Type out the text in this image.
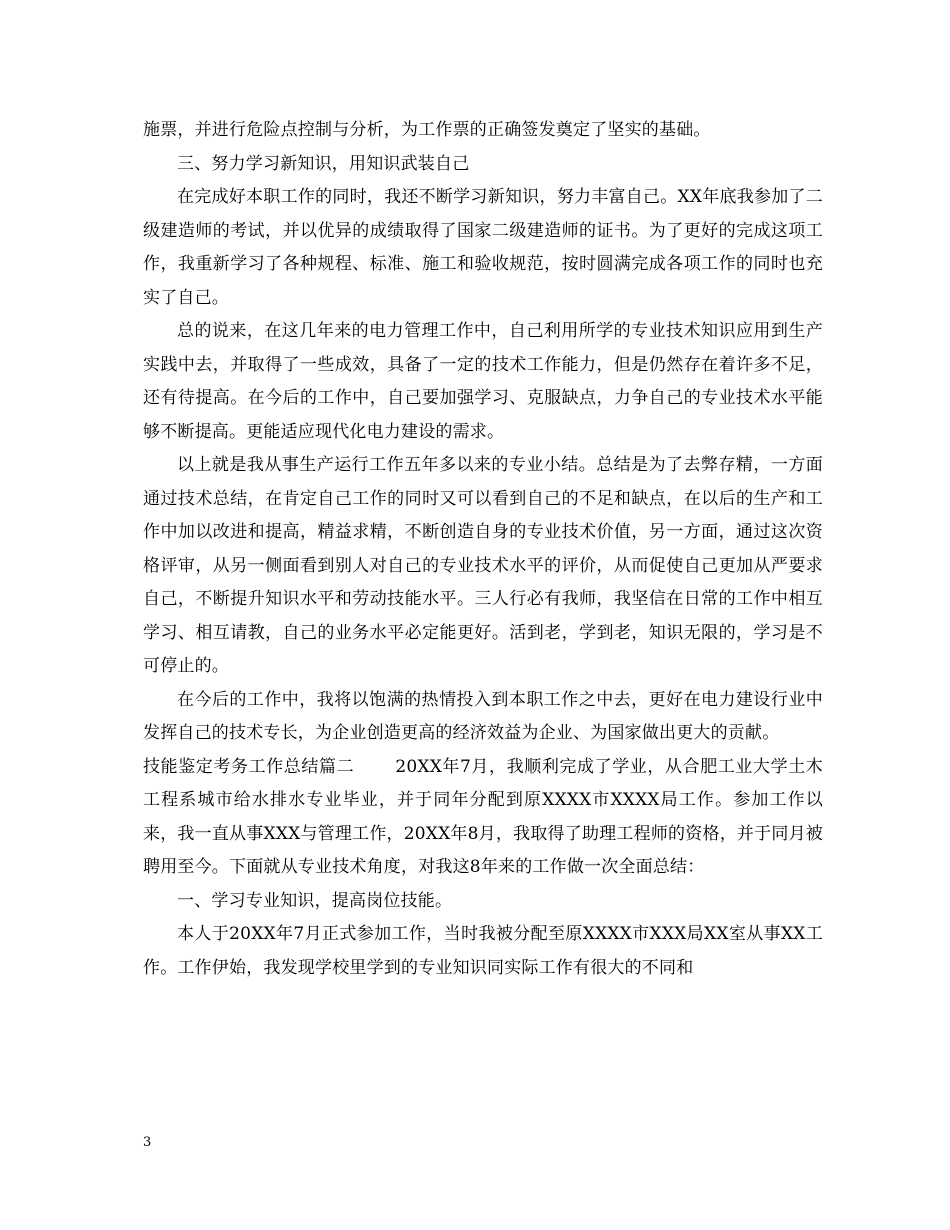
施票，并进行危险点控制与分析，为工作票的正确签发奠定了坚实的基础。

三、努力学习新知识，用知识武装自己

在完成好本职工作的同时，我还不断学习新知识，努力丰富自己。XX年底我参加了二级建造师的考试，并以优异的成绩取得了国家二级建造师的证书。为了更好的完成这项工作，我重新学习了各种规程、标准、施工和验收规范，按时圆满完成各项工作的同时也充实了自己。

总的说来，在这几年来的电力管理工作中，自己利用所学的专业技术知识应用到生产实践中去，并取得了一些成效，具备了一定的技术工作能力，但是仍然存在着许多不足，还有待提高。在今后的工作中，自己要加强学习、克服缺点，力争自己的专业技术水平能够不断提高。更能适应现代化电力建设的需求。

以上就是我从事生产运行工作五年多以来的专业小结。总结是为了去弊存精，一方面通过技术总结，在肯定自己工作的同时又可以看到自己的不足和缺点，在以后的生产和工作中加以改进和提高，精益求精，不断创造自身的专业技术价值，另一方面，通过这次资格评审，从另一侧面看到别人对自己的专业技术水平的评价，从而促使自己更加从严要求自己，不断提升知识水平和劳动技能水平。三人行必有我师，我坚信在日常的工作中相互学习、相互请教，自己的业务水平必定能更好。活到老，学到老，知识无限的，学习是不可停止的。

在今后的工作中，我将以饱满的热情投入到本职工作之中去，更好在电力建设行业中发挥自己的技术专长，为企业创造更高的经济效益为企业、为国家做出更大的贡献。

技能鉴定考务工作总结篇二　　 20XX年7月，我顺利完成了学业，从合肥工业大学土木工程系城市给水排水专业毕业，并于同年分配到原XXXX市XXXX局工作。参加工作以来，我一直从事XXX与管理工作，20XX年8月，我取得了助理工程师的资格，并于同月被聘用至今。下面就从专业技术角度，对我这8年来的工作做一次全面总结：

一、学习专业知识，提高岗位技能。

本人于20XX年7月正式参加工作，当时我被分配至原XXXX市XXX局XX室从事XX工作。工作伊始，我发现学校里学到的专业知识同实际工作有很大的不同和

3
